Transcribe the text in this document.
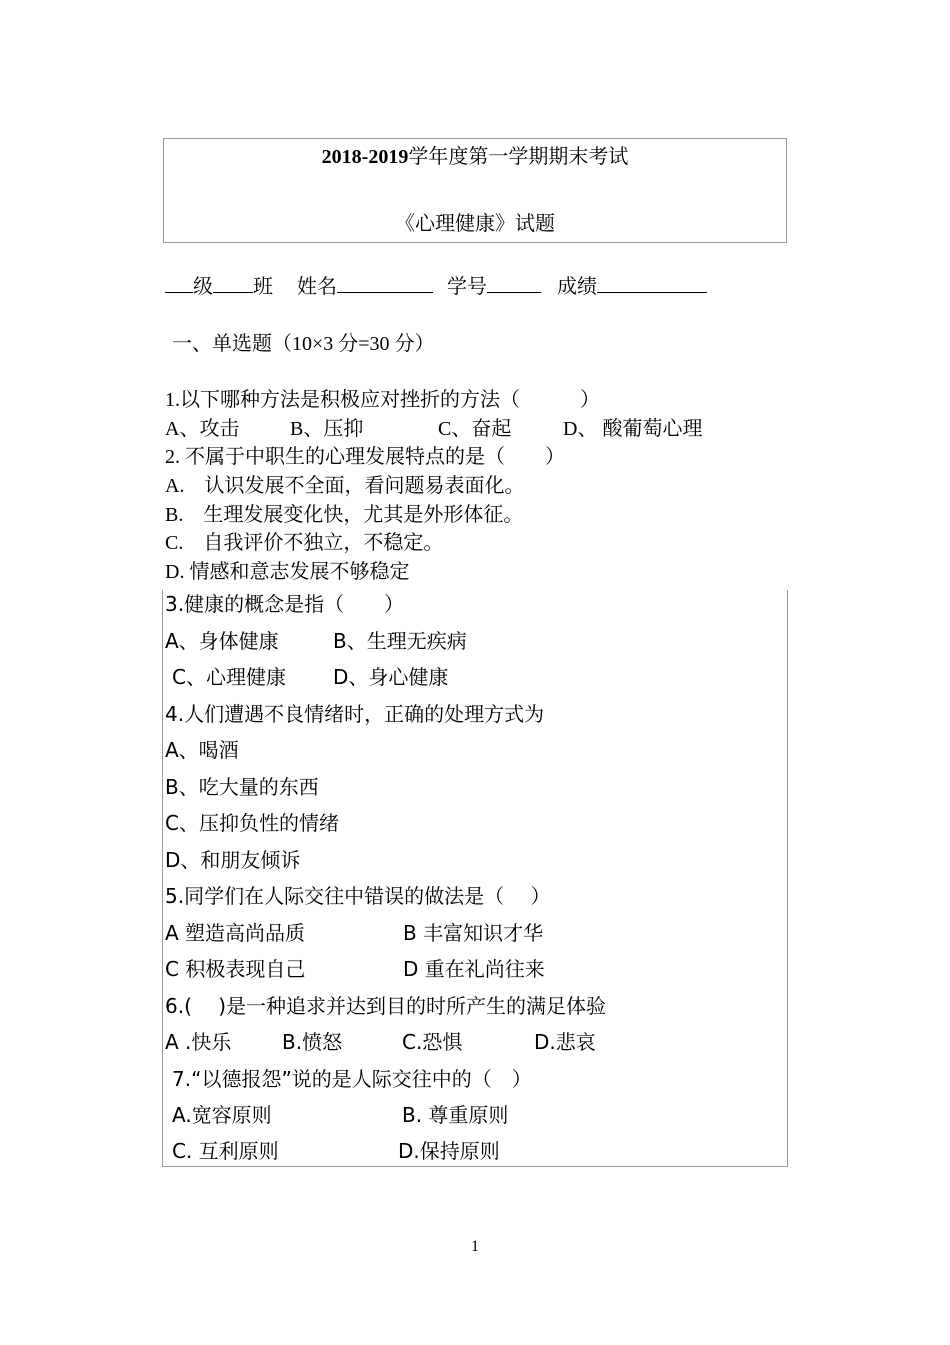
2018-2019学年度第一学期期末考试
《心理健康》试题
级 班 姓名	学号	成绩
一、单选题（10×3 分=30 分）
1.以下哪种方法是积极应对挫折的方法（　　　）
A、攻击	B、压抑	C、奋起	D、 酸葡萄心理
2. 不属于中职生的心理发展特点的是（　　）
A.　认识发展不全面，看问题易表面化。
B.　生理发展变化快，尤其是外形体征。
C.　自我评价不独立，不稳定。
D. 情感和意志发展不够稳定
3.健康的概念是指（　　）
A、身体健康	B、生理无疾病
C、心理健康 D、身心健康
4.人们遭遇不良情绪时，正确的处理方式为
A、喝酒
B、吃大量的东西
C、压抑负性的情绪
D、和朋友倾诉
5.同学们在人际交往中错误的做法是（　 ）
A 塑造高尚品质	B 丰富知识才华
C 积极表现自己	D 重在礼尚往来
6.(　 )是一种追求并达到目的时所产生的满足体验
A .快乐	B.愤怒	C.恐惧	D.悲哀
7.“以德报怨”说的是人际交往中的（　）
A.宽容原则	B. 尊重原则
C. 互利原则	D.保持原则
1
